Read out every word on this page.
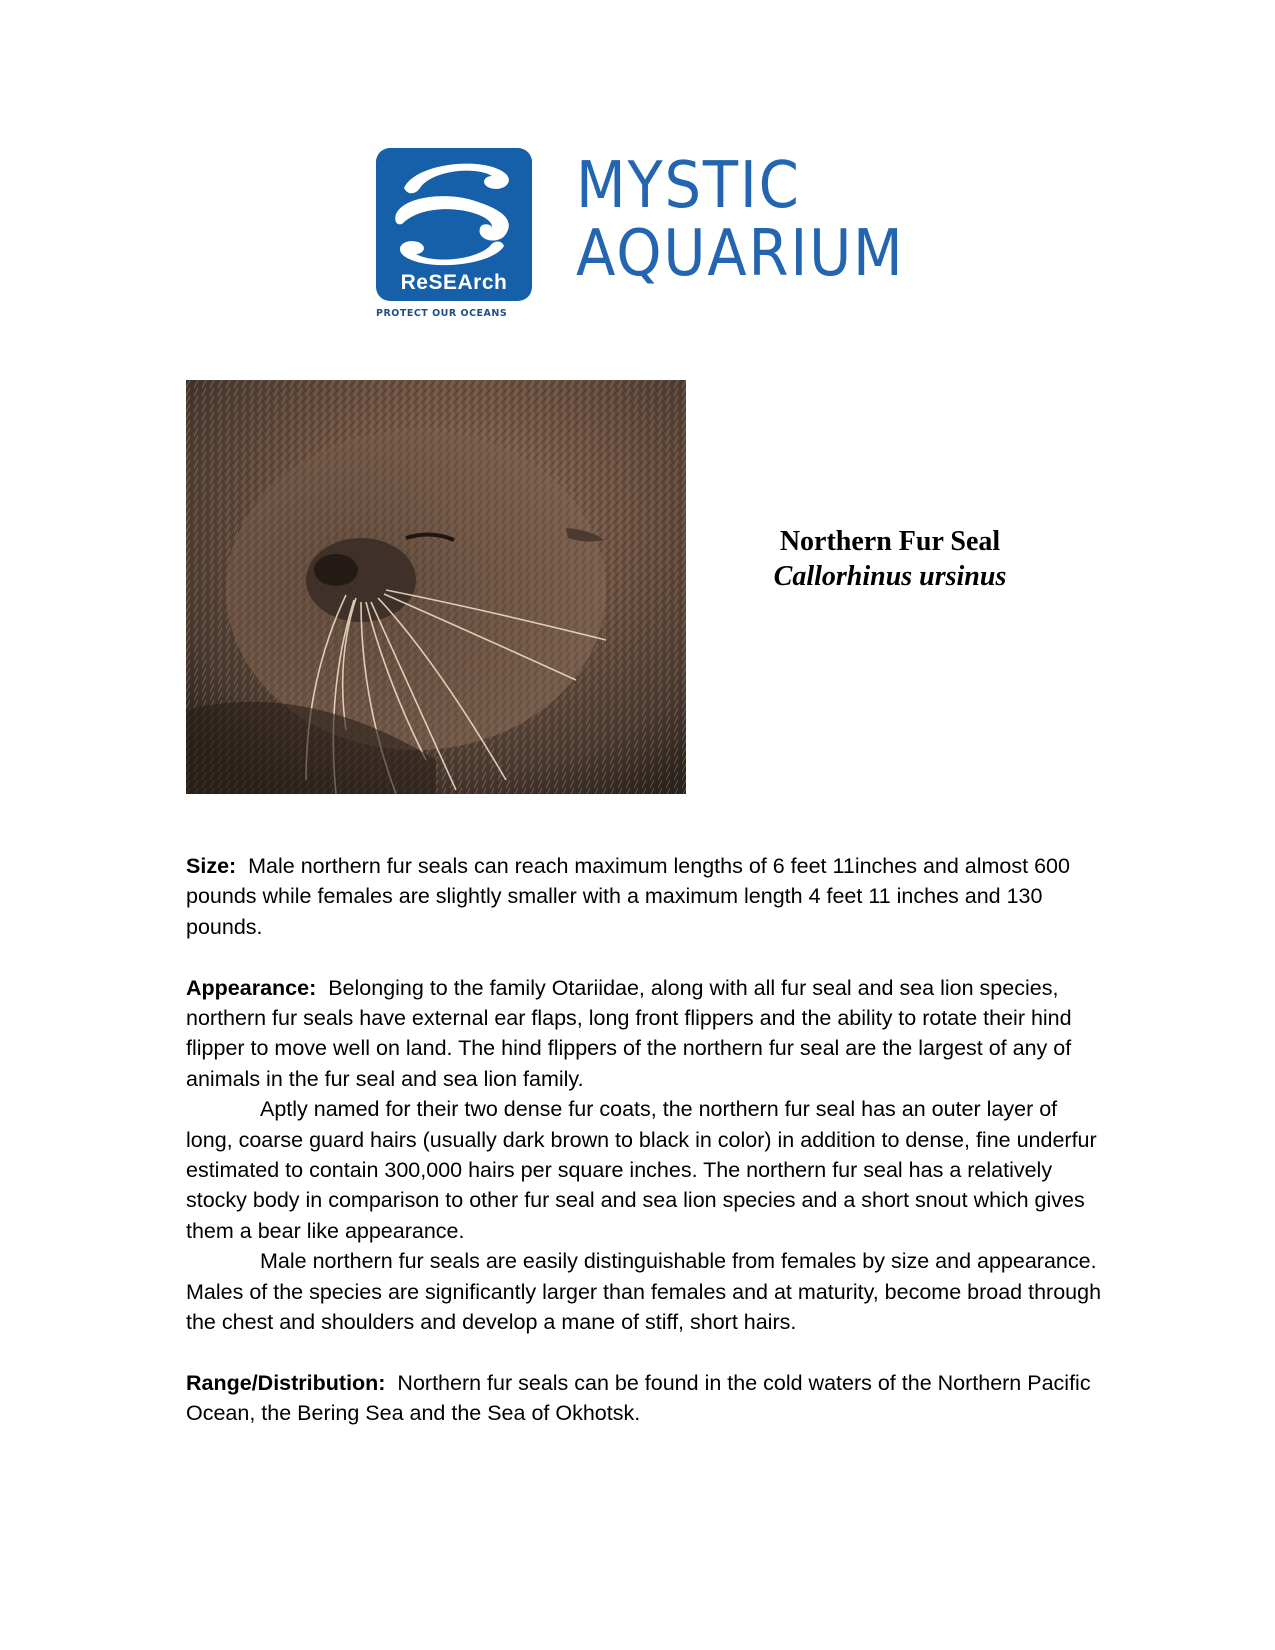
ReSEArch
PROTECT OUR OCEANS
MYSTIC
AQUARIUM
Northern Fur Seal
Callorhinus ursinus

Size: Male northern fur seals can reach maximum lengths of 6 feet 11inches and almost 600 pounds while females are slightly smaller with a maximum length 4 feet 11 inches and 130 pounds.

Appearance: Belonging to the family Otariidae, along with all fur seal and sea lion species, northern fur seals have external ear flaps, long front flippers and the ability to rotate their hind flipper to move well on land. The hind flippers of the northern fur seal are the largest of any of animals in the fur seal and sea lion family.

Aptly named for their two dense fur coats, the northern fur seal has an outer layer of long, coarse guard hairs (usually dark brown to black in color) in addition to dense, fine underfur estimated to contain 300,000 hairs per square inches. The northern fur seal has a relatively stocky body in comparison to other fur seal and sea lion species and a short snout which gives them a bear like appearance.

Male northern fur seals are easily distinguishable from females by size and appearance. Males of the species are significantly larger than females and at maturity, become broad through the chest and shoulders and develop a mane of stiff, short hairs.

Range/Distribution: Northern fur seals can be found in the cold waters of the Northern Pacific Ocean, the Bering Sea and the Sea of Okhotsk.
